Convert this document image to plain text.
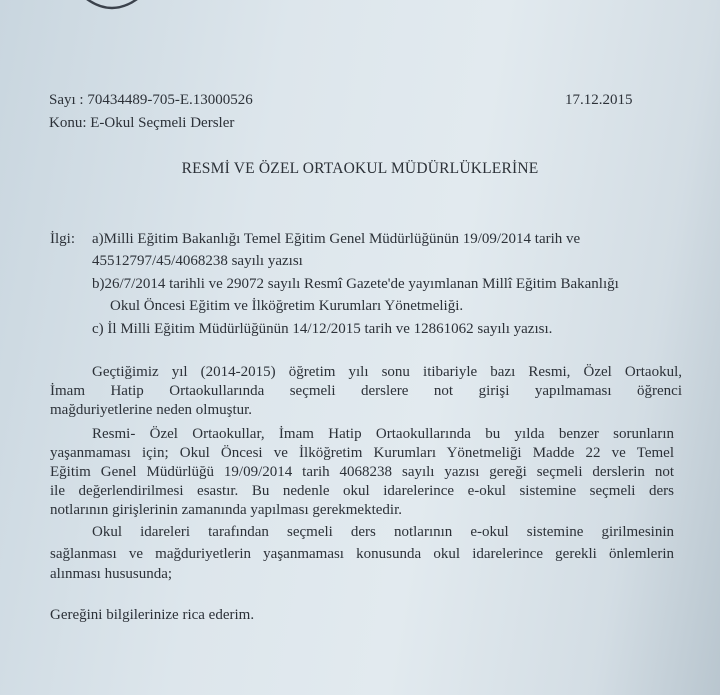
Sayı : 70434489-705-E.13000526	17.12.2015
Konu: E-Okul Seçmeli Dersler
RESMİ VE ÖZEL ORTAOKUL MÜDÜRLÜKLERİNE
İlgi: a)Milli Eğitim Bakanlığı Temel Eğitim Genel Müdürlüğünün 19/09/2014 tarih ve
45512797/45/4068238 sayılı yazısı
b)26/7/2014 tarihli ve 29072 sayılı Resmî Gazete'de yayımlanan Millî Eğitim Bakanlığı
Okul Öncesi Eğitim ve İlköğretim Kurumları Yönetmeliği.
c) İl Milli Eğitim Müdürlüğünün 14/12/2015 tarih ve 12861062 sayılı yazısı.
Geçtiğimiz yıl (2014-2015) öğretim yılı sonu itibariyle bazı Resmi, Özel Ortaokul,
İmam Hatip Ortaokullarında seçmeli derslere not girişi yapılmaması öğrenci
mağduriyetlerine neden olmuştur.
Resmi- Özel Ortaokullar, İmam Hatip Ortaokullarında bu yılda benzer sorunların
yaşanmaması için; Okul Öncesi ve İlköğretim Kurumları Yönetmeliği Madde 22 ve Temel
Eğitim Genel Müdürlüğü 19/09/2014 tarih 4068238 sayılı yazısı gereği seçmeli derslerin not
ile değerlendirilmesi esastır. Bu nedenle okul idarelerince e-okul sistemine seçmeli ders
notlarının girişlerinin zamanında yapılması gerekmektedir.
Okul idareleri tarafından seçmeli ders notlarının e-okul sistemine girilmesinin
sağlanması ve mağduriyetlerin yaşanmaması konusunda okul idarelerince gerekli önlemlerin
alınması hususunda;
Gereğini bilgilerinize rica ederim.
